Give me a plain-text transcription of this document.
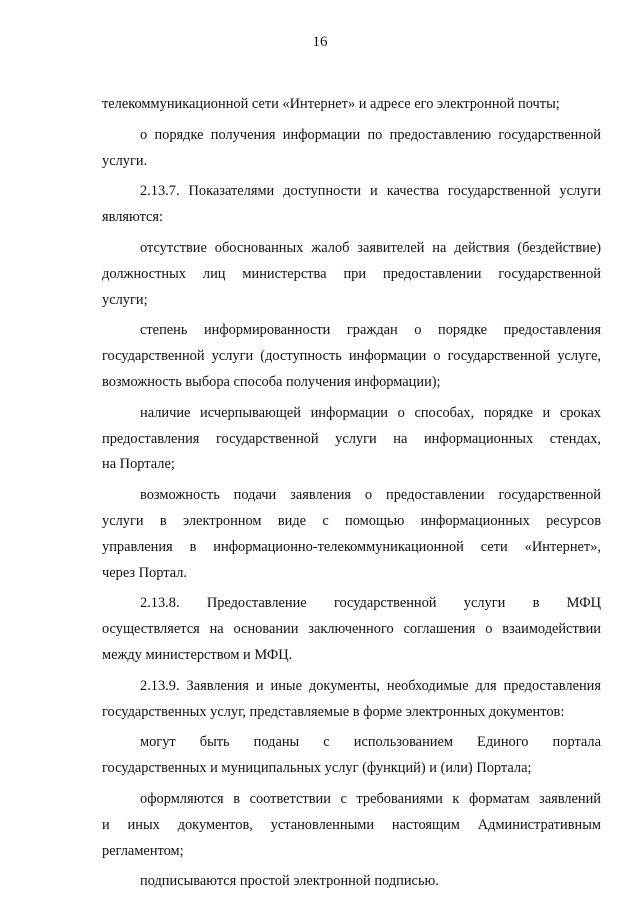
16
телекоммуникационной сети «Интернет» и адресе его электронной почты;
о порядке получения информации по предоставлению государственной
услуги.
2.13.7. Показателями доступности и качества государственной услуги
являются:
отсутствие обоснованных жалоб заявителей на действия (бездействие)
должностных лиц министерства при предоставлении государственной
услуги;
степень информированности граждан о порядке предоставления
государственной услуги (доступность информации о государственной услуге,
возможность выбора способа получения информации);
наличие исчерпывающей информации о способах, порядке и сроках
предоставления государственной услуги на информационных стендах,
на Портале;
возможность подачи заявления о предоставлении государственной
услуги в электронном виде с помощью информационных ресурсов
управления в информационно-телекоммуникационной сети «Интернет»,
через Портал.
2.13.8. Предоставление государственной услуги в МФЦ
осуществляется на основании заключенного соглашения о взаимодействии
между министерством и МФЦ.
2.13.9. Заявления и иные документы, необходимые для предоставления
государственных услуг, представляемые в форме электронных документов:
могут быть поданы с использованием Единого портала
государственных и муниципальных услуг (функций) и (или) Портала;
оформляются в соответствии с требованиями к форматам заявлений
и иных документов, установленными настоящим Административным
регламентом;
подписываются простой электронной подписью.
